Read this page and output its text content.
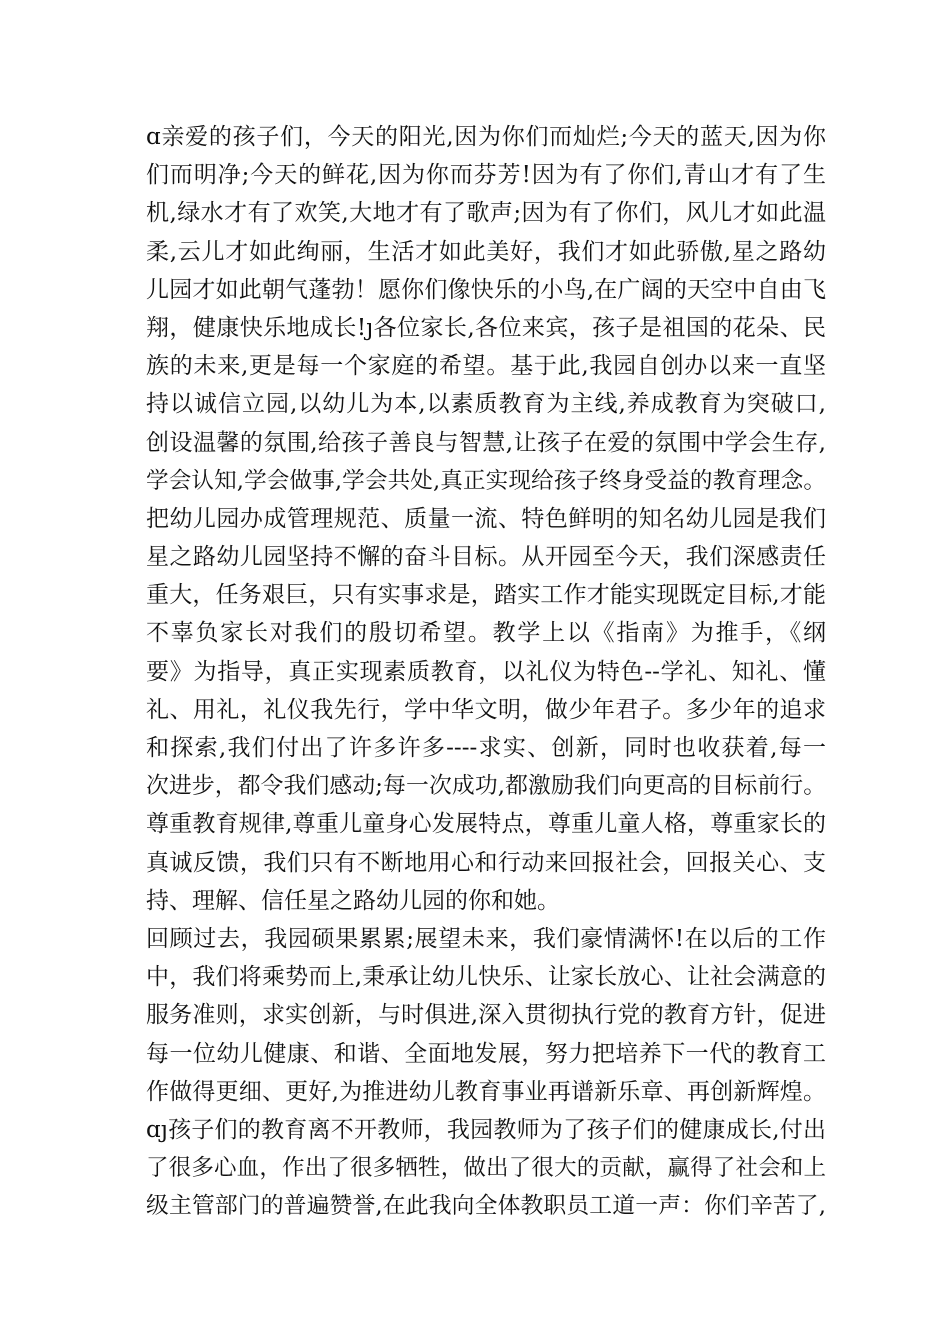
ɑ亲爱的孩子们，今天的阳光,因为你们而灿烂;今天的蓝天,因为你
们而明净;今天的鲜花,因为你而芬芳!因为有了你们,青山才有了生
机,绿水才有了欢笑,大地才有了歌声;因为有了你们，风儿才如此温
柔,云儿才如此绚丽，生活才如此美好，我们才如此骄傲,星之路幼
儿园才如此朝气蓬勃！愿你们像快乐的小鸟,在广阔的天空中自由飞
翔，健康快乐地成长!ȷ各位家长,各位来宾，孩子是祖国的花朵、民
族的未来,更是每一个家庭的希望。基于此,我园自创办以来一直坚
持以诚信立园,以幼儿为本,以素质教育为主线,养成教育为突破口,
创设温馨的氛围,给孩子善良与智慧,让孩子在爱的氛围中学会生存,
学会认知,学会做事,学会共处,真正实现给孩子终身受益的教育理念。
把幼儿园办成管理规范、质量一流、特色鲜明的知名幼儿园是我们
星之路幼儿园坚持不懈的奋斗目标。从开园至今天，我们深感责任
重大，任务艰巨，只有实事求是，踏实工作才能实现既定目标,才能
不辜负家长对我们的殷切希望。教学上以《指南》为推手，《纲
要》为指导，真正实现素质教育，以礼仪为特色--学礼、知礼、懂
礼、用礼，礼仪我先行，学中华文明，做少年君子。多少年的追求
和探索,我们付出了许多许多----求实、创新，同时也收获着,每一
次进步，都令我们感动;每一次成功,都激励我们向更高的目标前行。
尊重教育规律,尊重儿童身心发展特点，尊重儿童人格，尊重家长的
真诚反馈，我们只有不断地用心和行动来回报社会，回报关心、支
持、理解、信任星之路幼儿园的你和她。
回顾过去，我园硕果累累;展望未来，我们豪情满怀!在以后的工作
中，我们将乘势而上,秉承让幼儿快乐、让家长放心、让社会满意的
服务准则，求实创新，与时俱进,深入贯彻执行党的教育方针，促进
每一位幼儿健康、和谐、全面地发展，努力把培养下一代的教育工
作做得更细、更好,为推进幼儿教育事业再谱新乐章、再创新辉煌。
ɑȷ孩子们的教育离不开教师，我园教师为了孩子们的健康成长,付出
了很多心血，作出了很多牺牲，做出了很大的贡献，赢得了社会和上
级主管部门的普遍赞誉,在此我向全体教职员工道一声：你们辛苦了,
